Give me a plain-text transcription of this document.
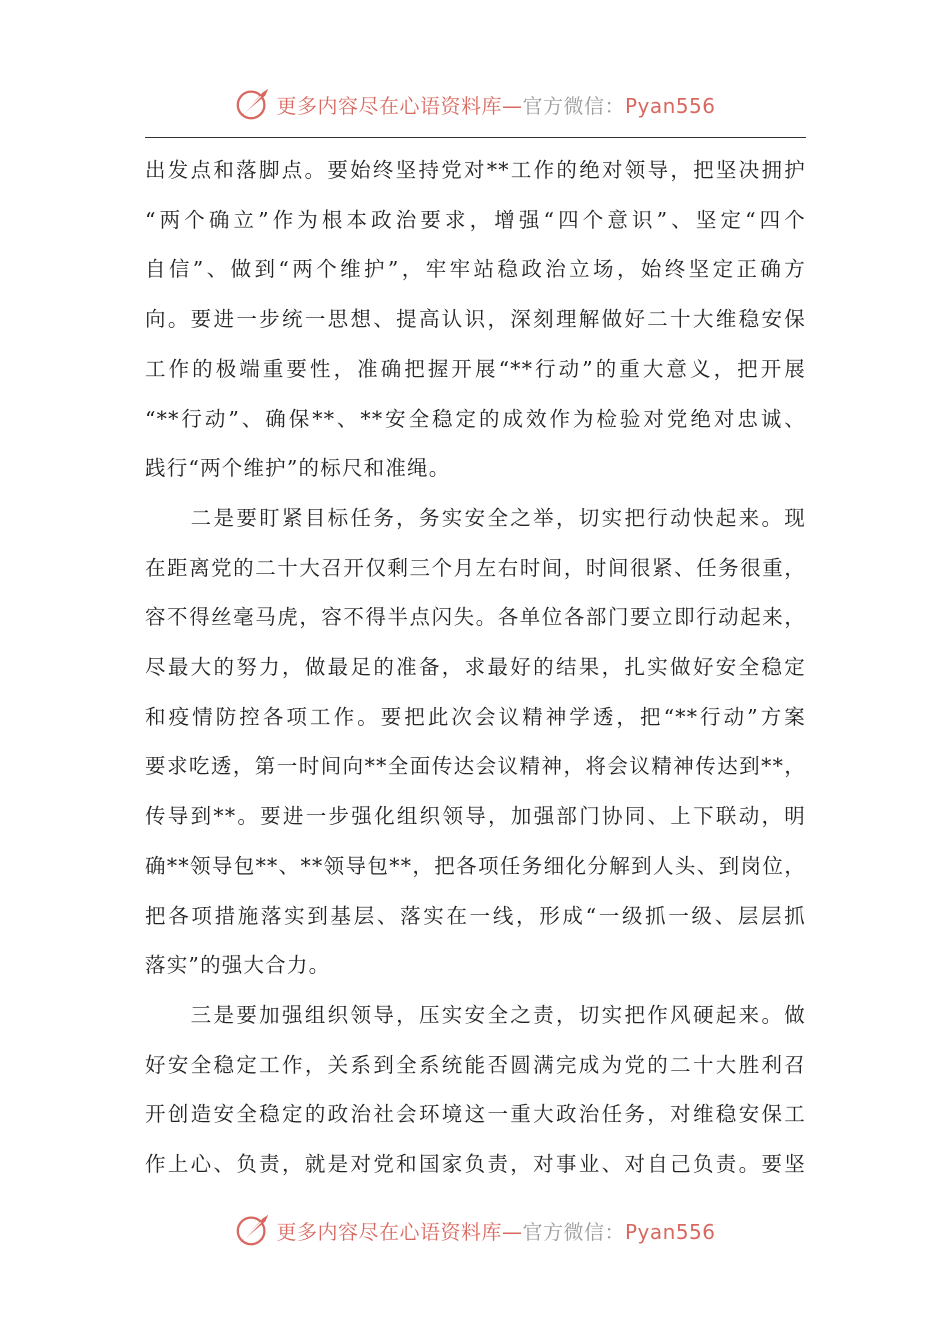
更多内容尽在心语资料库—官方微信：Pyan556

出发点和落脚点。要始终坚持党对**工作的绝对领导，把坚决拥护

“两个确立”作为根本政治要求，增强“四个意识”、坚定“四个

自信”、做到“两个维护”，牢牢站稳政治立场，始终坚定正确方

向。要进一步统一思想、提高认识，深刻理解做好二十大维稳安保

工作的极端重要性，准确把握开展“**行动”的重大意义，把开展

“**行动”、确保**、**安全稳定的成效作为检验对党绝对忠诚、

践行“两个维护”的标尺和准绳。

　　二是要盯紧目标任务，务实安全之举，切实把行动快起来。现

在距离党的二十大召开仅剩三个月左右时间，时间很紧、任务很重，

容不得丝毫马虎，容不得半点闪失。各单位各部门要立即行动起来，

尽最大的努力，做最足的准备，求最好的结果，扎实做好安全稳定

和疫情防控各项工作。要把此次会议精神学透，把“**行动”方案

要求吃透，第一时间向**全面传达会议精神，将会议精神传达到**，

传导到**。要进一步强化组织领导，加强部门协同、上下联动，明

确**领导包**、**领导包**，把各项任务细化分解到人头、到岗位，

把各项措施落实到基层、落实在一线，形成“一级抓一级、层层抓

落实”的强大合力。

　　三是要加强组织领导，压实安全之责，切实把作风硬起来。做

好安全稳定工作，关系到全系统能否圆满完成为党的二十大胜利召

开创造安全稳定的政治社会环境这一重大政治任务，对维稳安保工

作上心、负责，就是对党和国家负责，对事业、对自己负责。要坚

更多内容尽在心语资料库—官方微信：Pyan556
